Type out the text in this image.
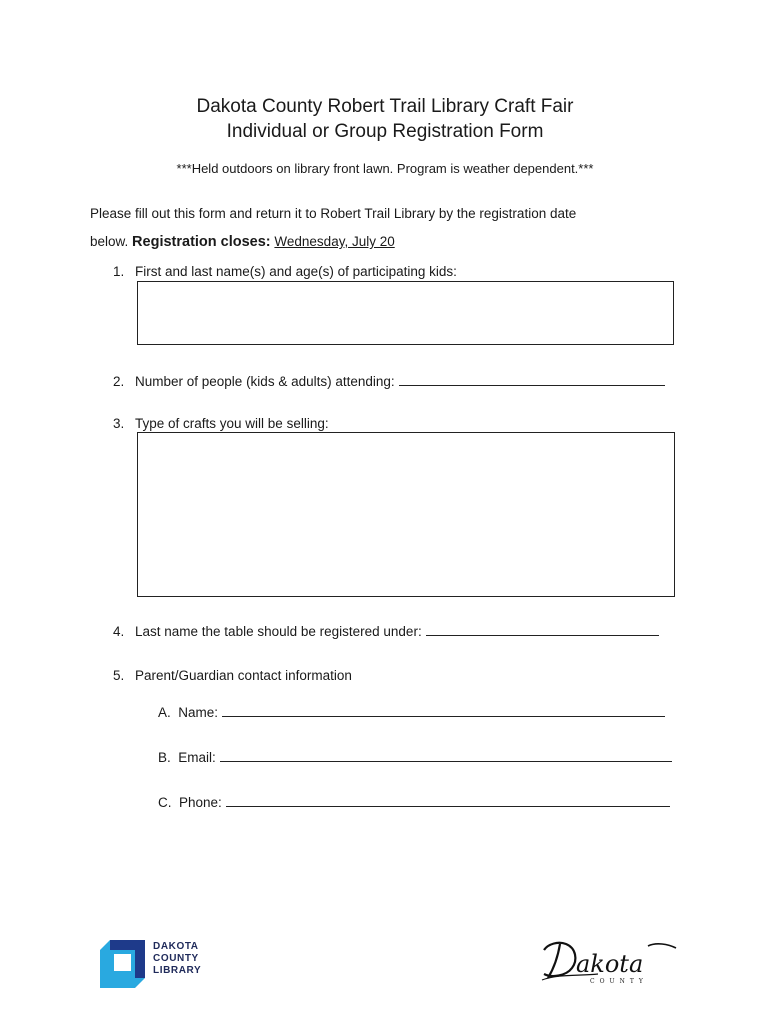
Dakota County Robert Trail Library Craft Fair
Individual or Group Registration Form
***Held outdoors on library front lawn. Program is weather dependent.***
Please fill out this form and return it to Robert Trail Library by the registration date
below. Registration closes: Wednesday, July 20
1. First and last name(s) and age(s) of participating kids:
2. Number of people (kids & adults) attending:
3. Type of crafts you will be selling:
4. Last name the table should be registered under:
5. Parent/Guardian contact information
A. Name:
B. Email:
C. Phone:
DAKOTA
COUNTY
LIBRARY	akota
COUNTY
